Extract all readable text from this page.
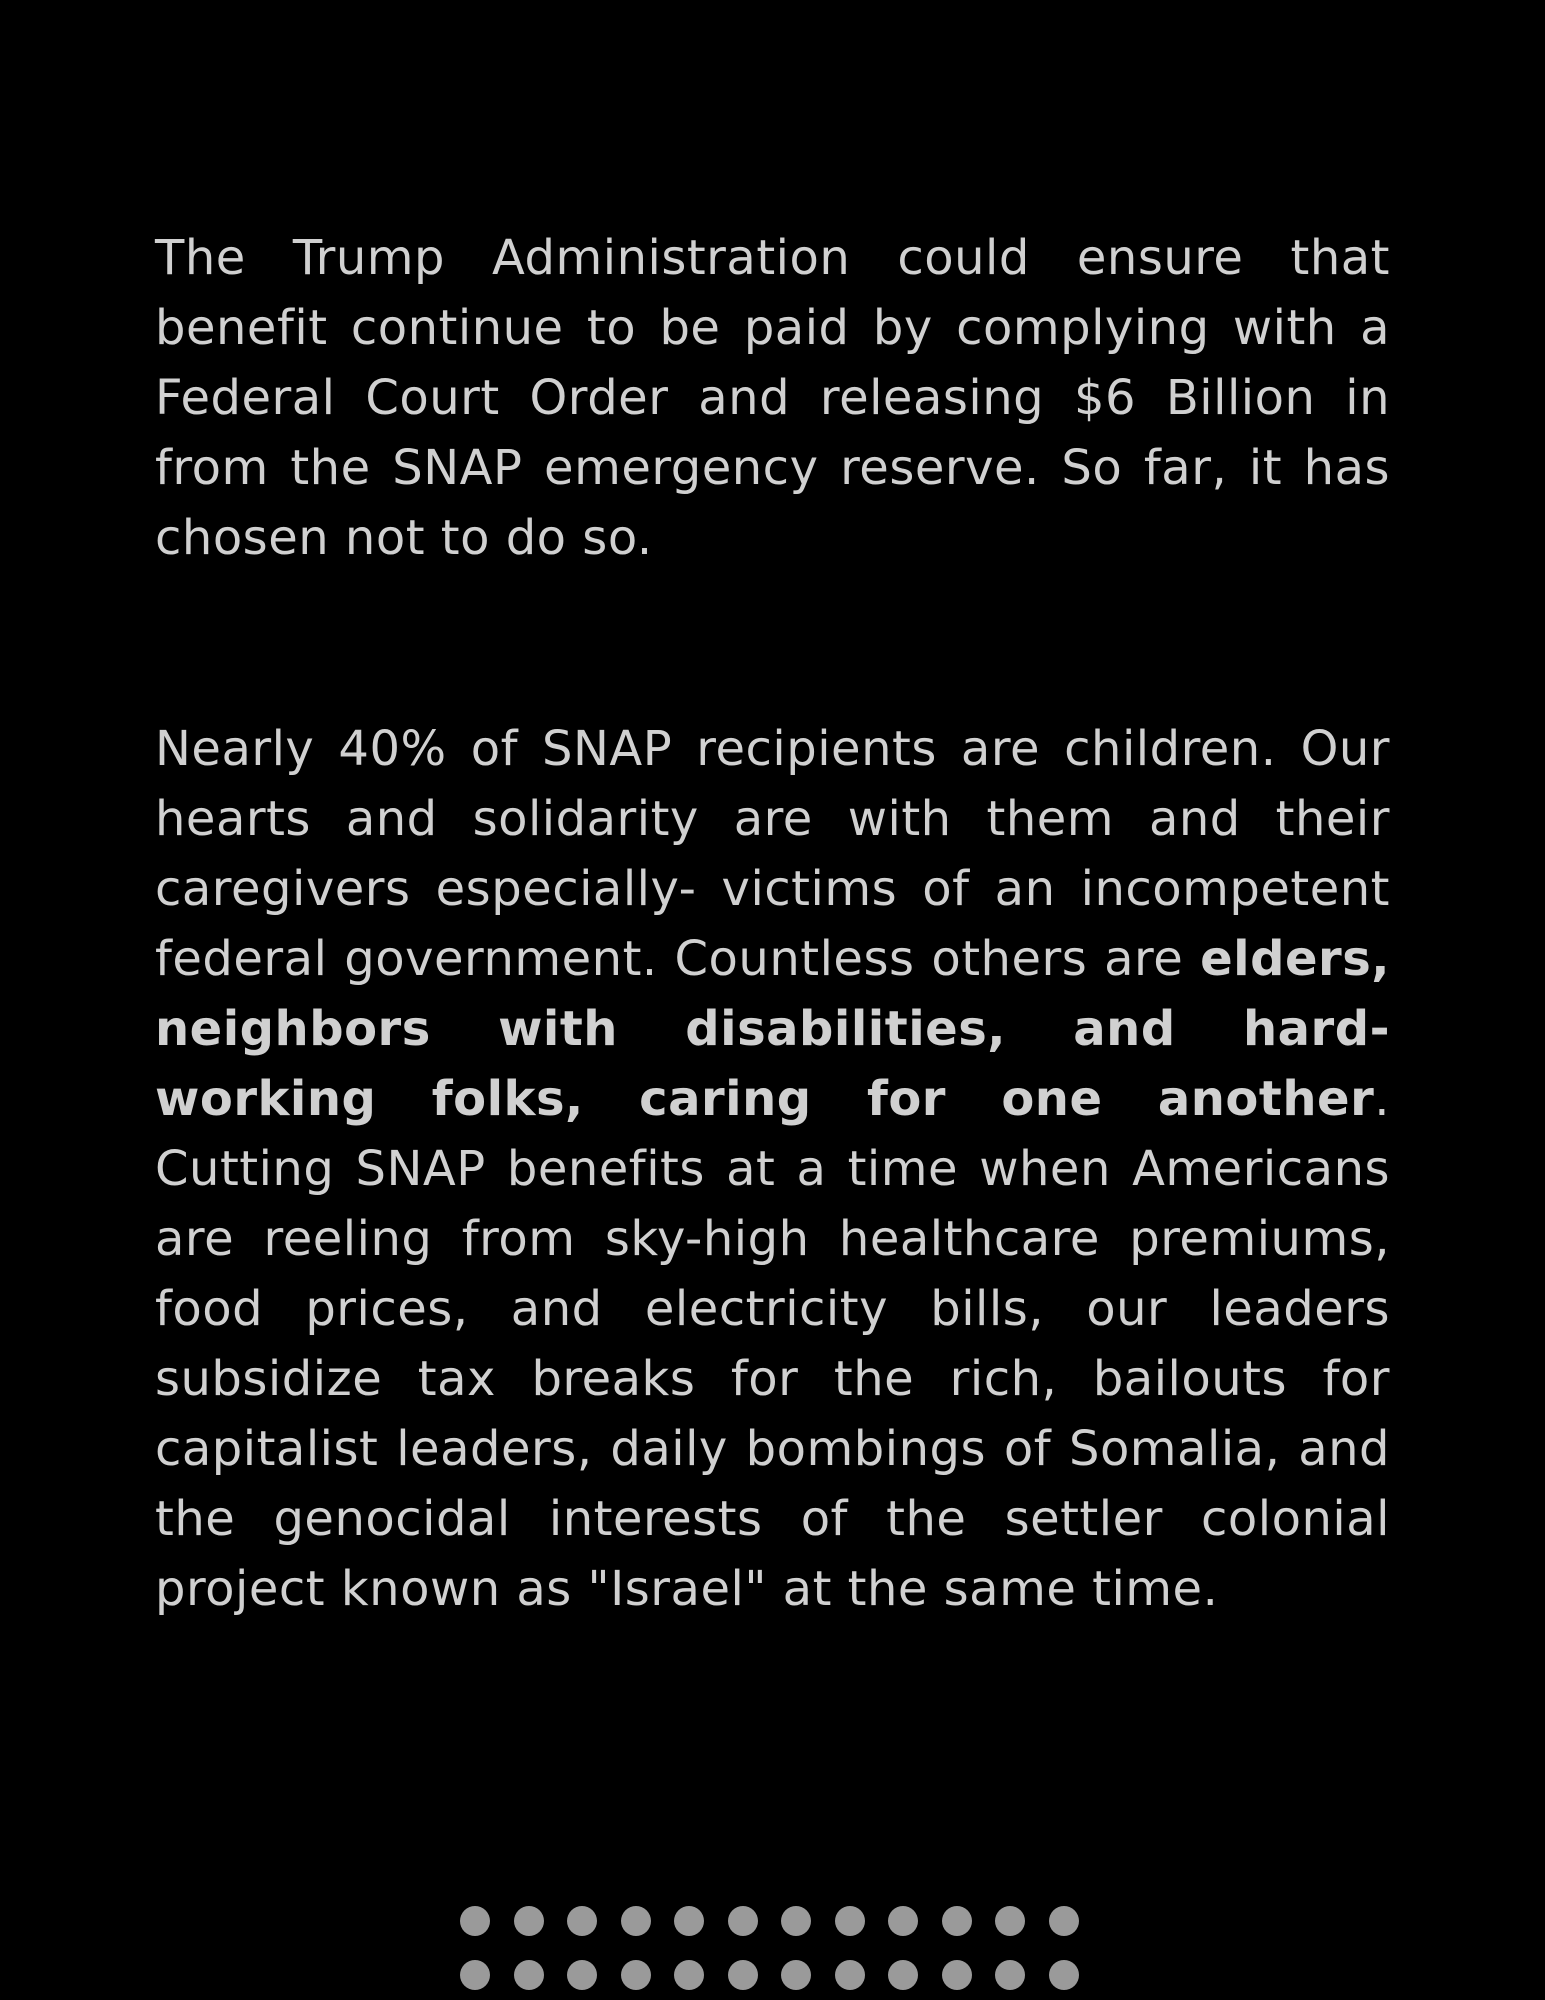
The Trump Administration could ensure that benefit continue to be paid by complying with a Federal Court Order and releasing $6 Billion in from the SNAP emergency reserve. So far, it has chosen not to do so.

Nearly 40% of SNAP recipients are children. Our hearts and solidarity are with them and their caregivers especially- victims of an incompetent federal government. Countless others are elders, neighbors with disabilities, and hard-working folks, caring for one another. Cutting SNAP benefits at a time when Americans are reeling from sky-high healthcare premiums, food prices, and electricity bills, our leaders subsidize tax breaks for the rich, bailouts for capitalist leaders, daily bombings of Somalia, and the genocidal interests of the settler colonial project known as "Israel" at the same time.
